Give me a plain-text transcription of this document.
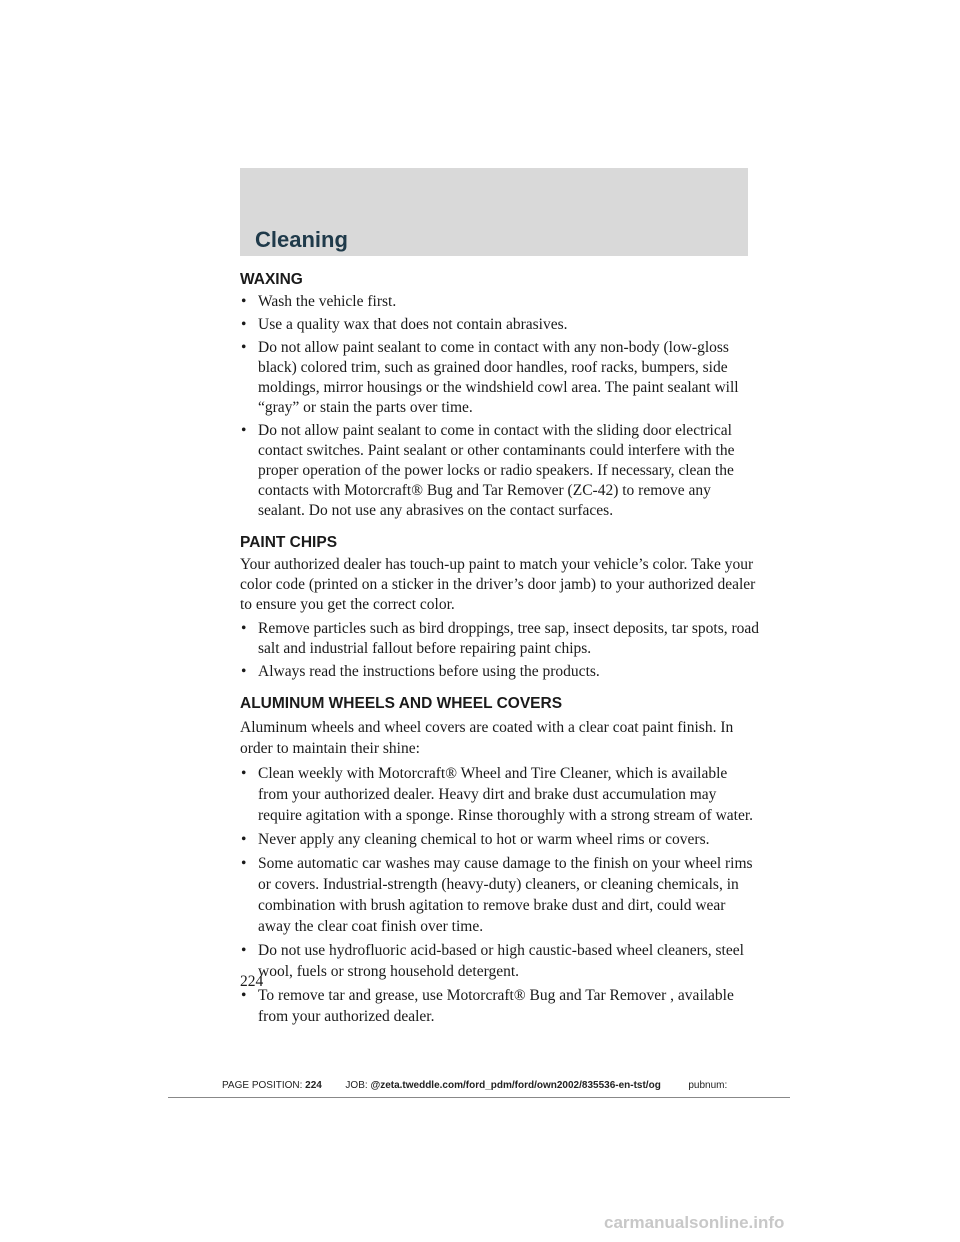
Cleaning
WAXING
• Wash the vehicle first.
• Use a quality wax that does not contain abrasives.
• Do not allow paint sealant to come in contact with any non-body (low-gloss black) colored trim, such as grained door handles, roof racks, bumpers, side moldings, mirror housings or the windshield cowl area. The paint sealant will “gray” or stain the parts over time.
• Do not allow paint sealant to come in contact with the sliding door electrical contact switches. Paint sealant or other contaminants could interfere with the proper operation of the power locks or radio speakers. If necessary, clean the contacts with Motorcraft® Bug and Tar Remover (ZC-42) to remove any sealant. Do not use any abrasives on the contact surfaces.
PAINT CHIPS

Your authorized dealer has touch-up paint to match your vehicle’s color. Take your color code (printed on a sticker in the driver’s door jamb) to your authorized dealer to ensure you get the correct color.

• Remove particles such as bird droppings, tree sap, insect deposits, tar spots, road salt and industrial fallout before repairing paint chips.
• Always read the instructions before using the products.
ALUMINUM WHEELS AND WHEEL COVERS

Aluminum wheels and wheel covers are coated with a clear coat paint finish. In order to maintain their shine:

• Clean weekly with Motorcraft® Wheel and Tire Cleaner, which is available from your authorized dealer. Heavy dirt and brake dust accumulation may require agitation with a sponge. Rinse thoroughly with a strong stream of water.
• Never apply any cleaning chemical to hot or warm wheel rims or covers.
• Some automatic car washes may cause damage to the finish on your wheel rims or covers. Industrial-strength (heavy-duty) cleaners, or cleaning chemicals, in combination with brush agitation to remove brake dust and dirt, could wear away the clear coat finish over time.
• Do not use hydrofluoric acid-based or high caustic-based wheel cleaners, steel wool, fuels or strong household detergent.
• To remove tar and grease, use Motorcraft® Bug and Tar Remover , available from your authorized dealer.
224
PAGE POSITION: 224 JOB: @zeta.tweddle.com/ford_pdm/ford/own2002/835536-en-tst/og	pubnum:
carmanualsonline.info
